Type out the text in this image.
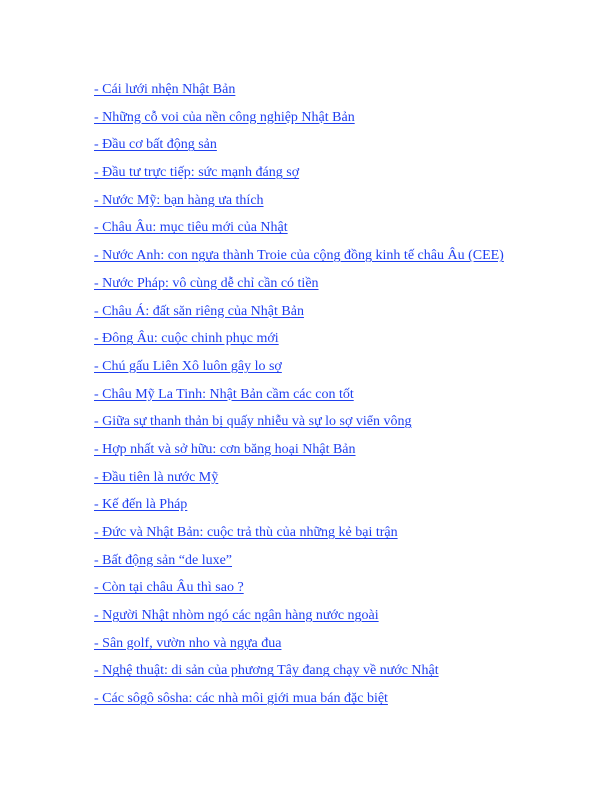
- Cái lưới nhện Nhật Bản
- Những cỗ voi của nền công nghiệp Nhật Bản
- Đầu cơ bất động sản
- Đầu tư trực tiếp: sức mạnh đáng sợ
- Nước Mỹ: bạn hàng ưa thích
- Châu Âu: mục tiêu mới của Nhật
- Nước Anh: con ngựa thành Troie của cộng đồng kinh tế châu Âu (CEE)
- Nước Pháp: vô cùng dễ chỉ cần có tiền
- Châu Á: đất săn riêng của Nhật Bản
- Đông Âu: cuộc chinh phục mới
- Chú gấu Liên Xô luôn gây lo sợ
- Châu Mỹ La Tinh: Nhật Bản cầm các con tốt
- Giữa sự thanh thản bị quấy nhiễu và sự lo sợ viển vông
- Hợp nhất và sở hữu: cơn băng hoại Nhật Bản
- Đầu tiên là nước Mỹ
- Kế đến là Pháp
- Đức và Nhật Bản: cuộc trả thù của những kẻ bại trận
- Bất động sản “de luxe”
- Còn tại châu Âu thì sao ?
- Người Nhật nhòm ngó các ngân hàng nước ngoài
- Sân golf, vườn nho và ngựa đua
- Nghệ thuật: di sản của phương Tây đang chạy về nước Nhật
- Các sôgô sôsha: các nhà môi giới mua bán đặc biệt
